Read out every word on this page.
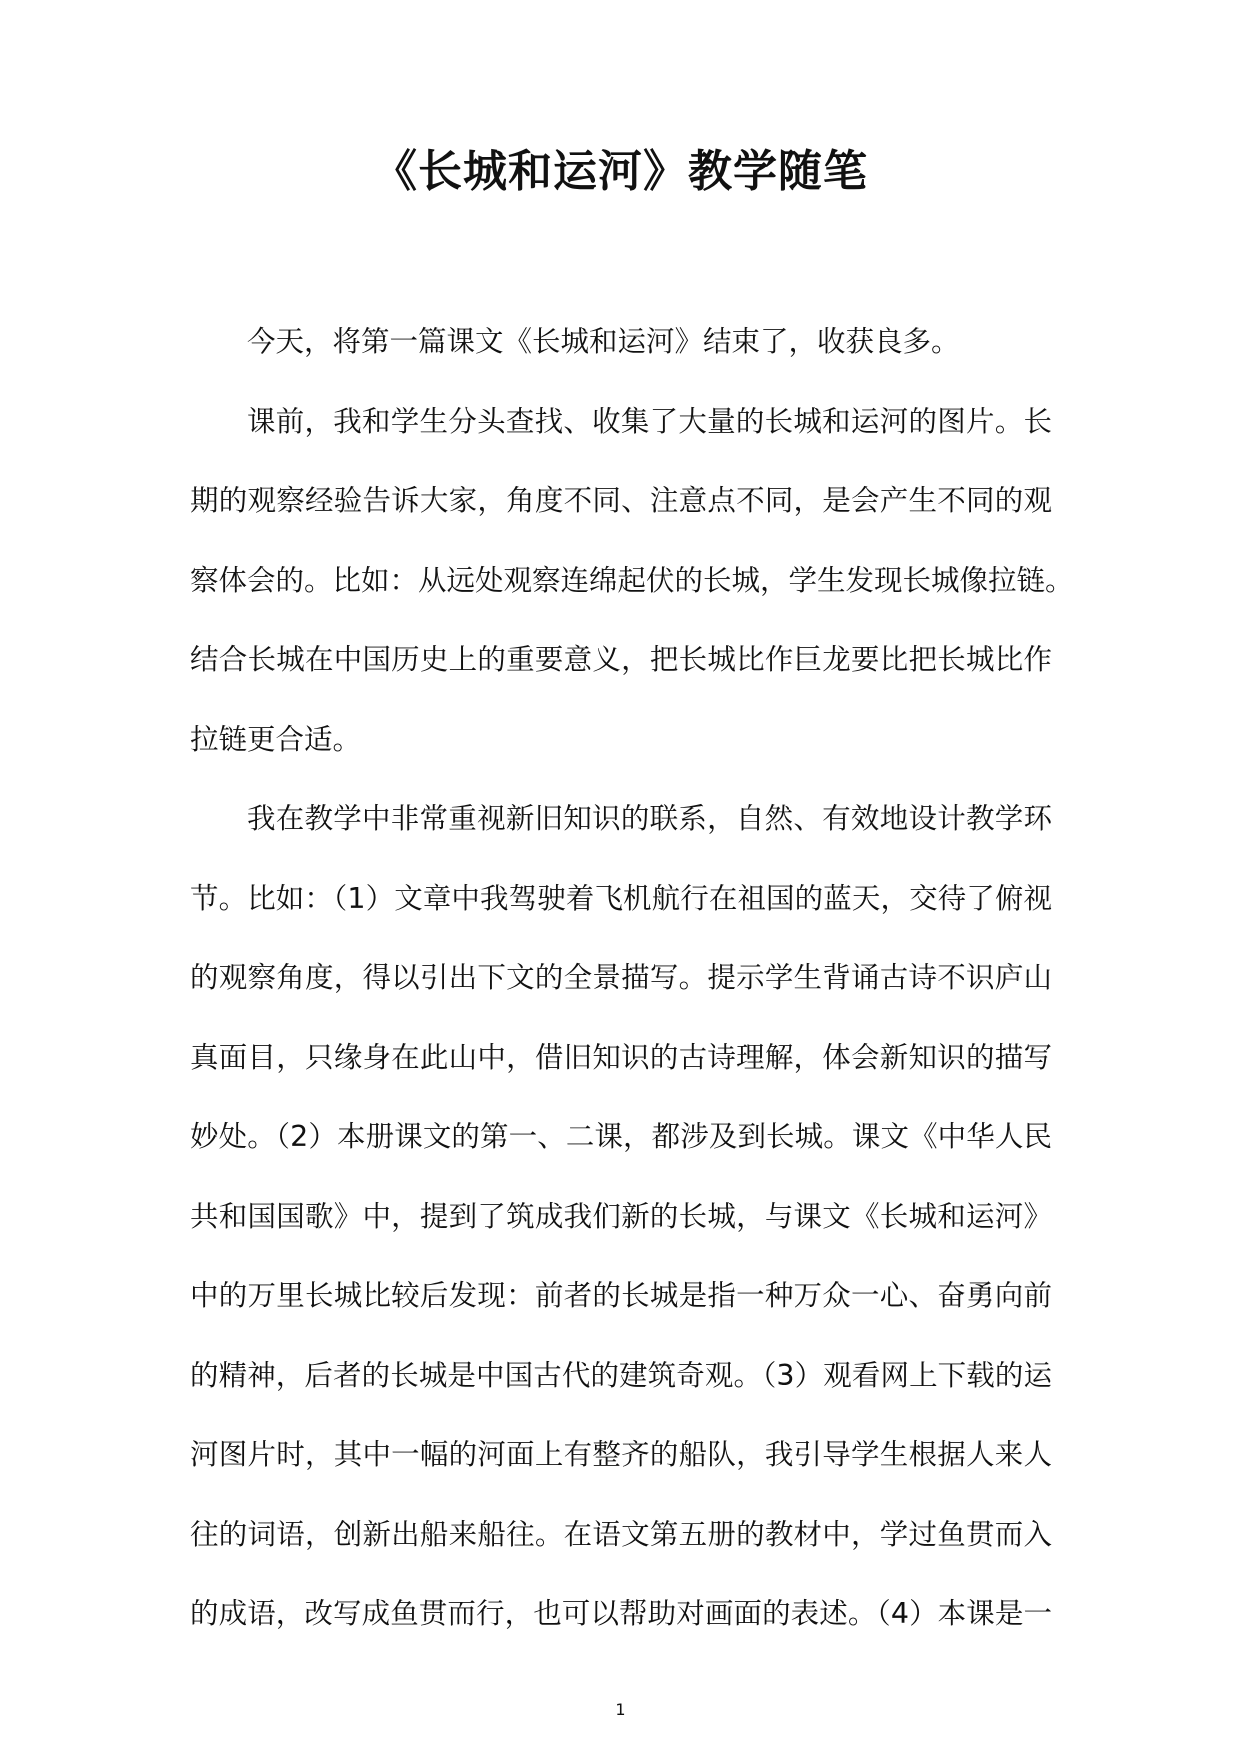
《长城和运河》教学随笔
今天，将第一篇课文《长城和运河》结束了，收获良多。
课前，我和学生分头查找、收集了大量的长城和运河的图片。长
期的观察经验告诉大家，角度不同、注意点不同，是会产生不同的观
察体会的。比如：从远处观察连绵起伏的长城，学生发现长城像拉链。
结合长城在中国历史上的重要意义，把长城比作巨龙要比把长城比作
拉链更合适。
我在教学中非常重视新旧知识的联系，自然、有效地设计教学环
节。比如：（1）文章中我驾驶着飞机航行在祖国的蓝天，交待了俯视
的观察角度，得以引出下文的全景描写。提示学生背诵古诗不识庐山
真面目，只缘身在此山中，借旧知识的古诗理解，体会新知识的描写
妙处。（2）本册课文的第一、二课，都涉及到长城。课文《中华人民
共和国国歌》中，提到了筑成我们新的长城，与课文《长城和运河》
中的万里长城比较后发现：前者的长城是指一种万众一心、奋勇向前
的精神，后者的长城是中国古代的建筑奇观。（3）观看网上下载的运
河图片时，其中一幅的河面上有整齐的船队，我引导学生根据人来人
往的词语，创新出船来船往。在语文第五册的教材中，学过鱼贯而入
的成语，改写成鱼贯而行，也可以帮助对画面的表述。（4）本课是一
1
